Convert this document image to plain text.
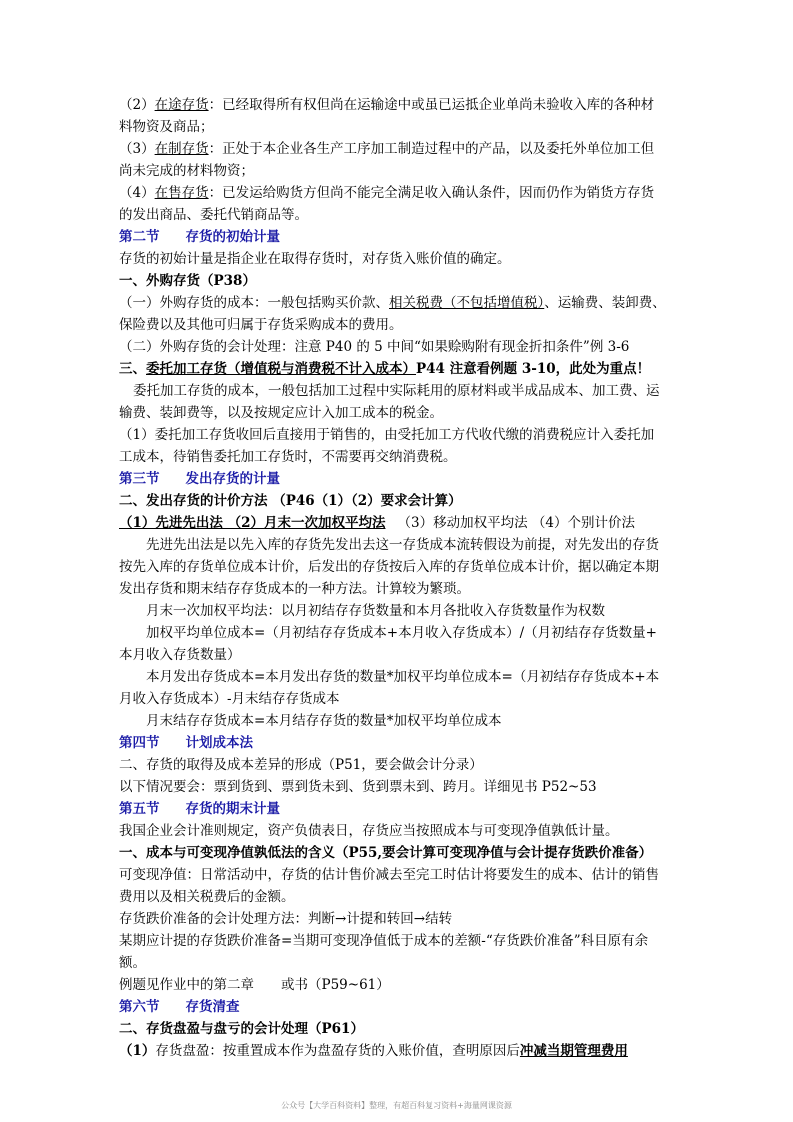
（2）在途存货：已经取得所有权但尚在运输途中或虽已运抵企业单尚未验收入库的各种材
料物资及商品；
（3）在制存货：正处于本企业各生产工序加工制造过程中的产品，以及委托外单位加工但
尚未完成的材料物资；
（4）在售存货：已发运给购货方但尚不能完全满足收入确认条件，因而仍作为销货方存货
的发出商品、委托代销商品等。
第二节 存货的初始计量
存货的初始计量是指企业在取得存货时，对存货入账价值的确定。
一、外购存货（P38）
（一）外购存货的成本：一般包括购买价款、相关税费（不包括增值税）、运输费、装卸费、
保险费以及其他可归属于存货采购成本的费用。
（二）外购存货的会计处理：注意 P40 的 5 中间“如果赊购附有现金折扣条件”例 3-6
三、委托加工存货（增值税与消费税不计入成本）P44 注意看例题 3-10，此处为重点！
委托加工存货的成本，一般包括加工过程中实际耗用的原材料或半成品成本、加工费、运
输费、装卸费等，以及按规定应计入加工成本的税金。
（1）委托加工存货收回后直接用于销售的，由受托加工方代收代缴的消费税应计入委托加
工成本，待销售委托加工存货时，不需要再交纳消费税。
第三节 发出存货的计量
二、发出存货的计价方法 （P46（1）（2）要求会计算）
（1）先进先出法 （2）月末一次加权平均法 （3）移动加权平均法 （4）个别计价法
先进先出法是以先入库的存货先发出去这一存货成本流转假设为前提，对先发出的存货
按先入库的存货单位成本计价，后发出的存货按后入库的存货单位成本计价，据以确定本期
发出存货和期末结存存货成本的一种方法。计算较为繁琐。
月末一次加权平均法：以月初结存存货数量和本月各批收入存货数量作为权数
加权平均单位成本=（月初结存存货成本+本月收入存货成本）/（月初结存存货数量+
本月收入存货数量）
本月发出存货成本=本月发出存货的数量*加权平均单位成本=（月初结存存货成本+本
月收入存货成本）-月末结存存货成本
月末结存存货成本=本月结存存货的数量*加权平均单位成本
第四节 计划成本法
二、存货的取得及成本差异的形成（P51，要会做会计分录）
以下情况要会：票到货到、票到货未到、货到票未到、跨月。详细见书 P52~53
第五节 存货的期末计量
我国企业会计准则规定，资产负债表日，存货应当按照成本与可变现净值孰低计量。
一、成本与可变现净值孰低法的含义（P55,要会计算可变现净值与会计提存货跌价准备）
可变现净值：日常活动中，存货的估计售价减去至完工时估计将要发生的成本、估计的销售
费用以及相关税费后的金额。
存货跌价准备的会计处理方法：判断→计提和转回→结转
某期应计提的存货跌价准备=当期可变现净值低于成本的差额-“存货跌价准备”科目原有余
额。
例题见作业中的第二章　　或书（P59~61）
第六节 存货清查
二、存货盘盈与盘亏的会计处理（P61）
（1）存货盘盈：按重置成本作为盘盈存货的入账价值，查明原因后冲减当期管理费用
公众号【大学百科资料】整理，有超百科复习资料+海量网课资源
